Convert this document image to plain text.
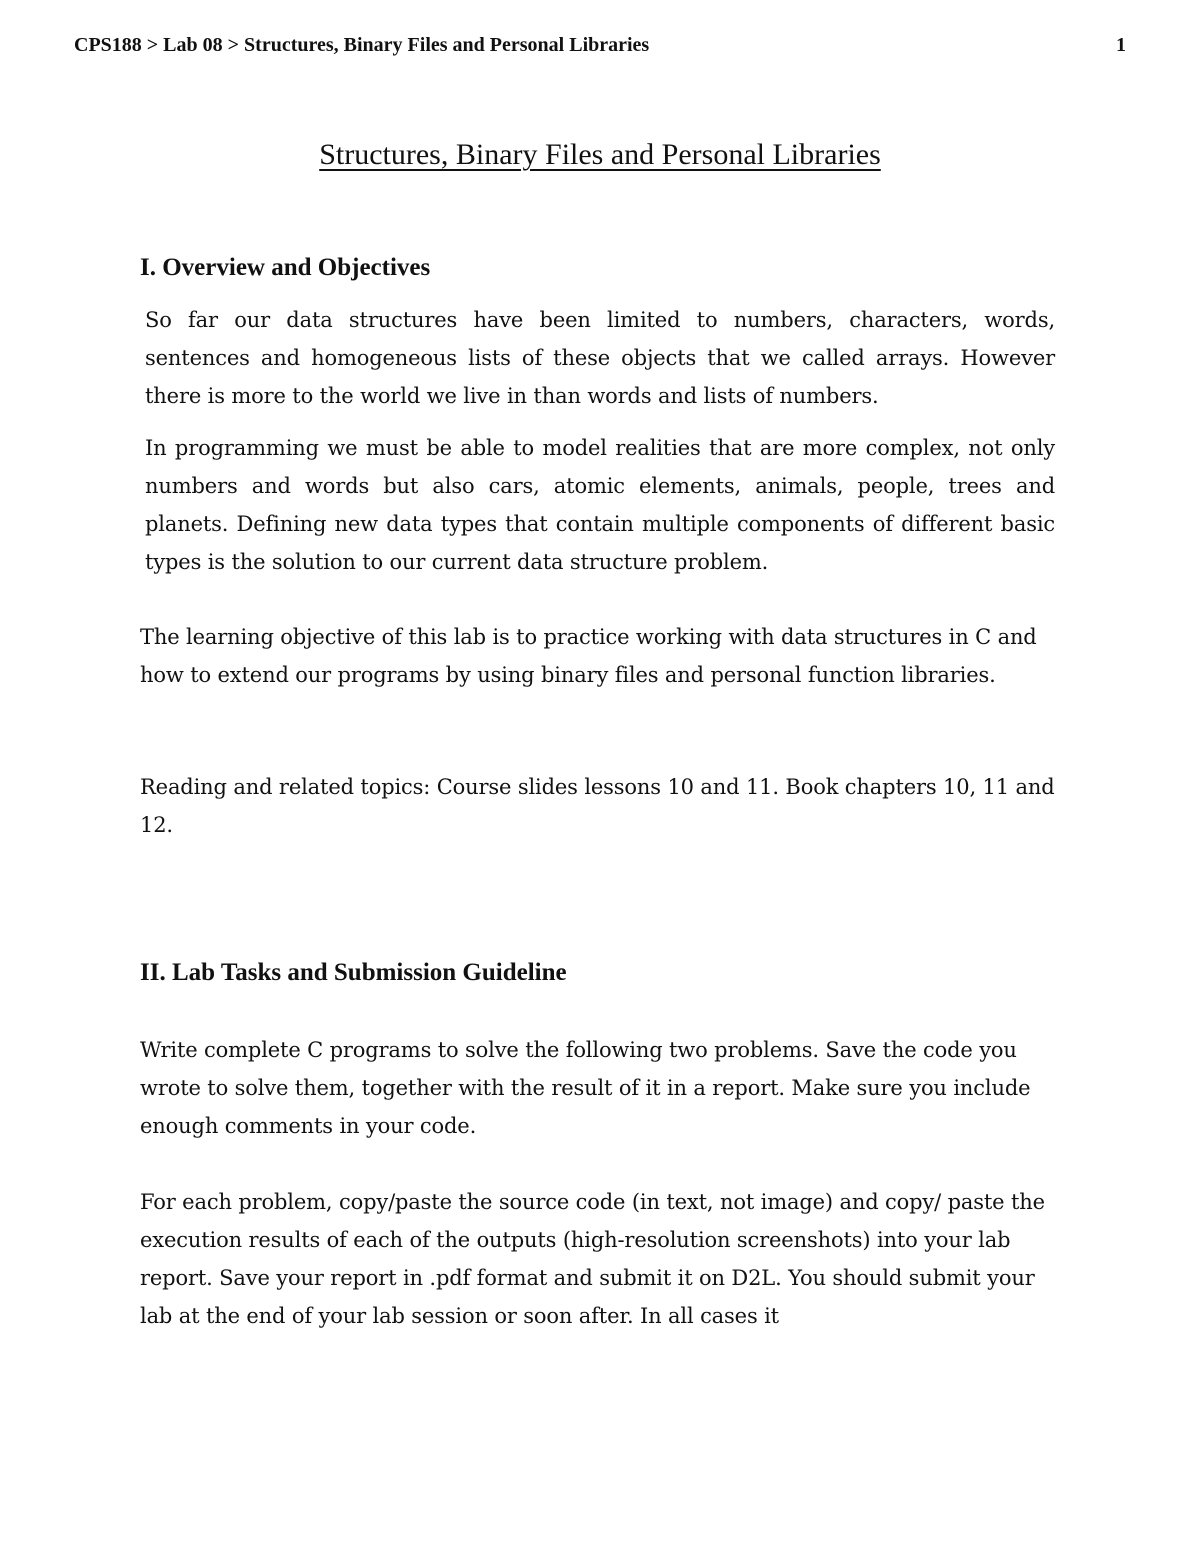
CPS188 > Lab 08 > Structures, Binary Files and Personal Libraries	1
Structures, Binary Files and Personal Libraries
I. Overview and Objectives

So far our data structures have been limited to numbers, characters, words, sentences and homogeneous lists of these objects that we called arrays. However there is more to the world we live in than words and lists of numbers.

In programming we must be able to model realities that are more complex, not only numbers and words but also cars, atomic elements, animals, people, trees and planets. Defining new data types that contain multiple components of different basic types is the solution to our current data structure problem.

The learning objective of this lab is to practice working with data structures in C and how to extend our programs by using binary files and personal function libraries.

Reading and related topics: Course slides lessons 10 and 11. Book chapters 10, 11 and 12.

II. Lab Tasks and Submission Guideline

Write complete C programs to solve the following two problems. Save the code you wrote to solve them, together with the result of it in a report. Make sure you include enough comments in your code.

For each problem, copy/paste the source code (in text, not image) and copy/ paste the execution results of each of the outputs (high-resolution screenshots) into your lab report. Save your report in .pdf format and submit it on D2L. You should submit your lab at the end of your lab session or soon after. In all cases it
